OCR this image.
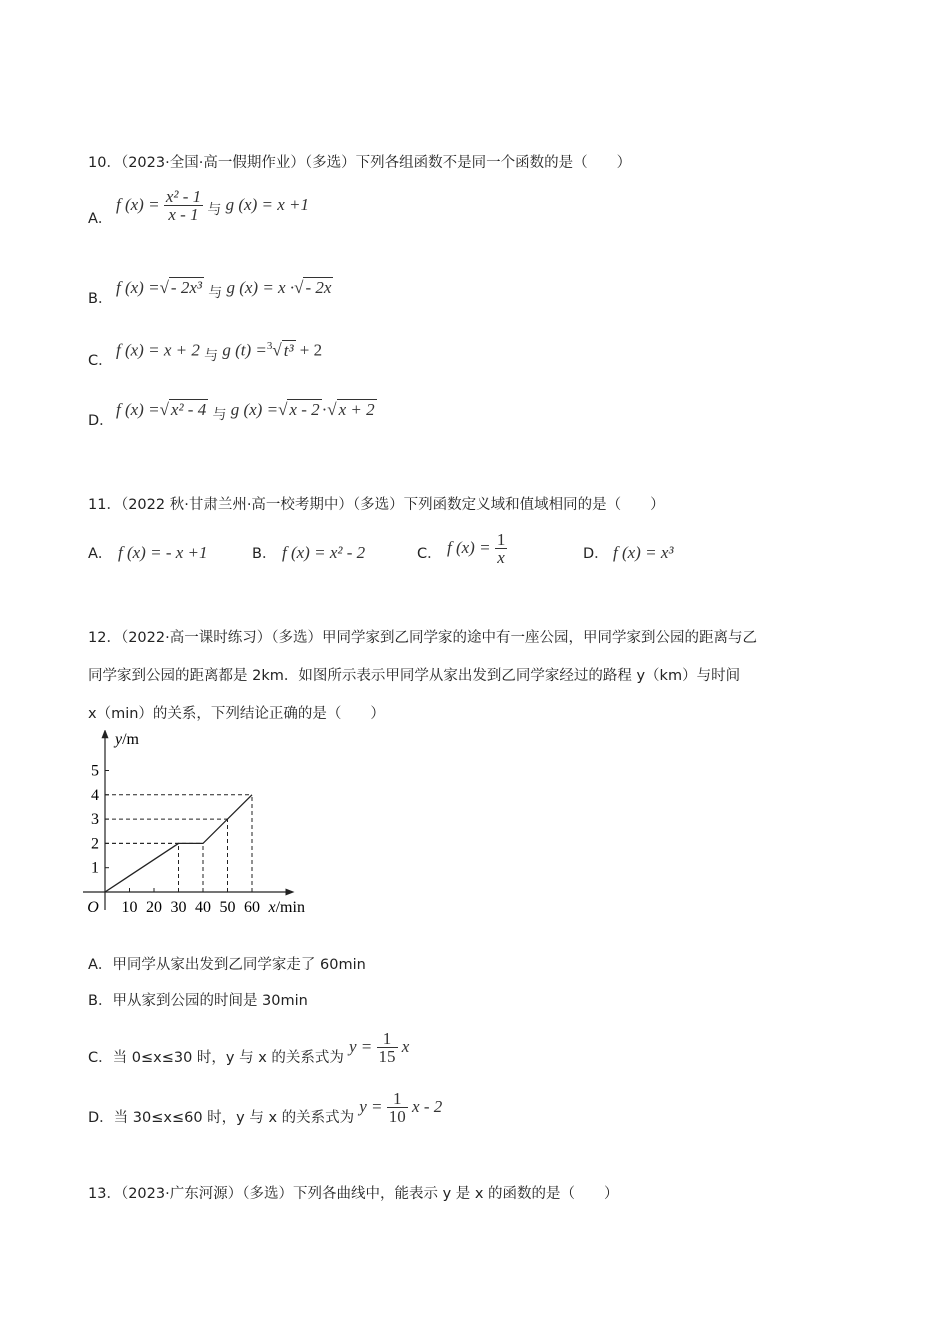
10．（2023·全国·高一假期作业）（多选）下列各组函数不是同一个函数的是（　　）
A．
f $(x) = \frac{\text{x² - 1}}{x - 1} _与$ g (x) = x +1
B．
f (x) =√ - 2x³ $_与$ g (x) = x ·√ - 2x
C．
f (x) = x + 2 $_与$ g (t) =$^3$√ t³ + 2
D．
f (x) =√ x² - 4 $_与$ g (x) =√ x - 2 ·√ x + 2
11．（2022 秋·甘肃兰州·高一校考期中）（多选）下列函数定义域和值域相同的是（　　）
A． f (x) = - x +1	B． f (x) = x² - 2	C． f $(x) = \frac{1}{x}$	D． f (x) = x³
12．（2022·高一课时练习）（多选）甲同学家到乙同学家的途中有一座公园，甲同学家到公园的距离与乙
同学家到公园的距离都是 2km．如图所示表示甲同学从家出发到乙同学家经过的路程 y（km）与时间
x（min）的关系，下列结论正确的是（　　）
1
2
3
4
5
10 20 30 40 50 60
O	x/min
y/m
A．甲同学从家出发到乙同学家走了 60min
B．甲从家到公园的时间是 30min
C．当 0≤x≤30 时，y 与 x 的关系式为 $y = \frac{1}{15}$ x
D．当 30≤x≤60 时，y 与 x 的关系式为 $y = \frac{1}{10}$ x - 2
13．（2023·广东河源）（多选）下列各曲线中，能表示 y 是 x 的函数的是（　　）
